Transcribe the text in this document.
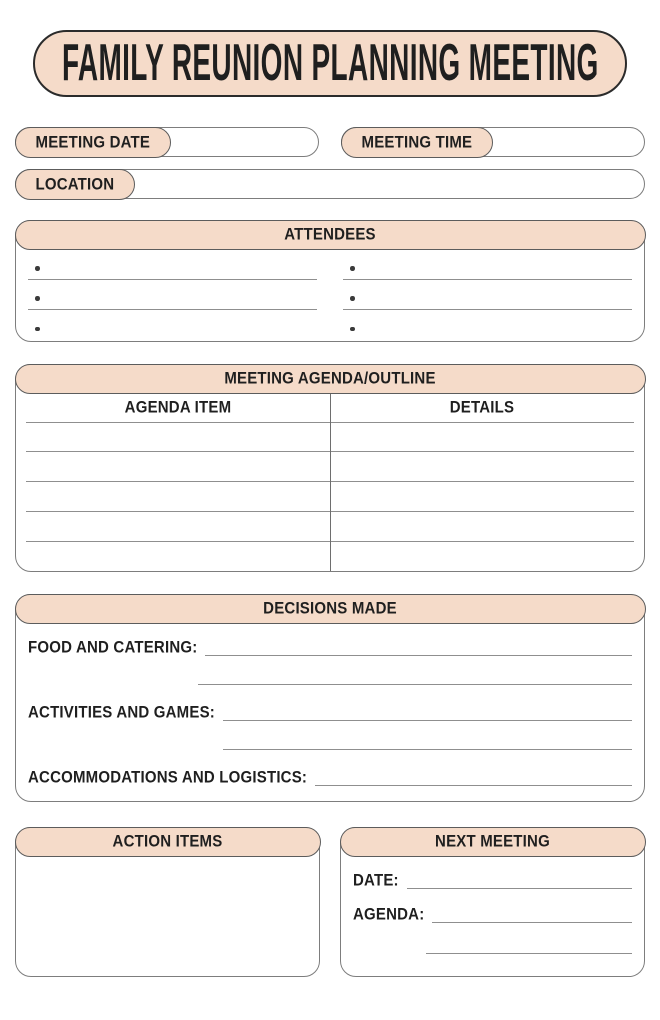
FAMILY REUNION PLANNING MEETING
MEETING DATE	MEETING TIME
LOCATION
ATTENDEES
MEETING AGENDA/OUTLINE
AGENDA ITEM	DETAILS
DECISIONS MADE
FOOD AND CATERING:
ACTIVITIES AND GAMES:
ACCOMMODATIONS AND LOGISTICS:
ACTION ITEMS	NEXT MEETING
DATE:
AGENDA:
